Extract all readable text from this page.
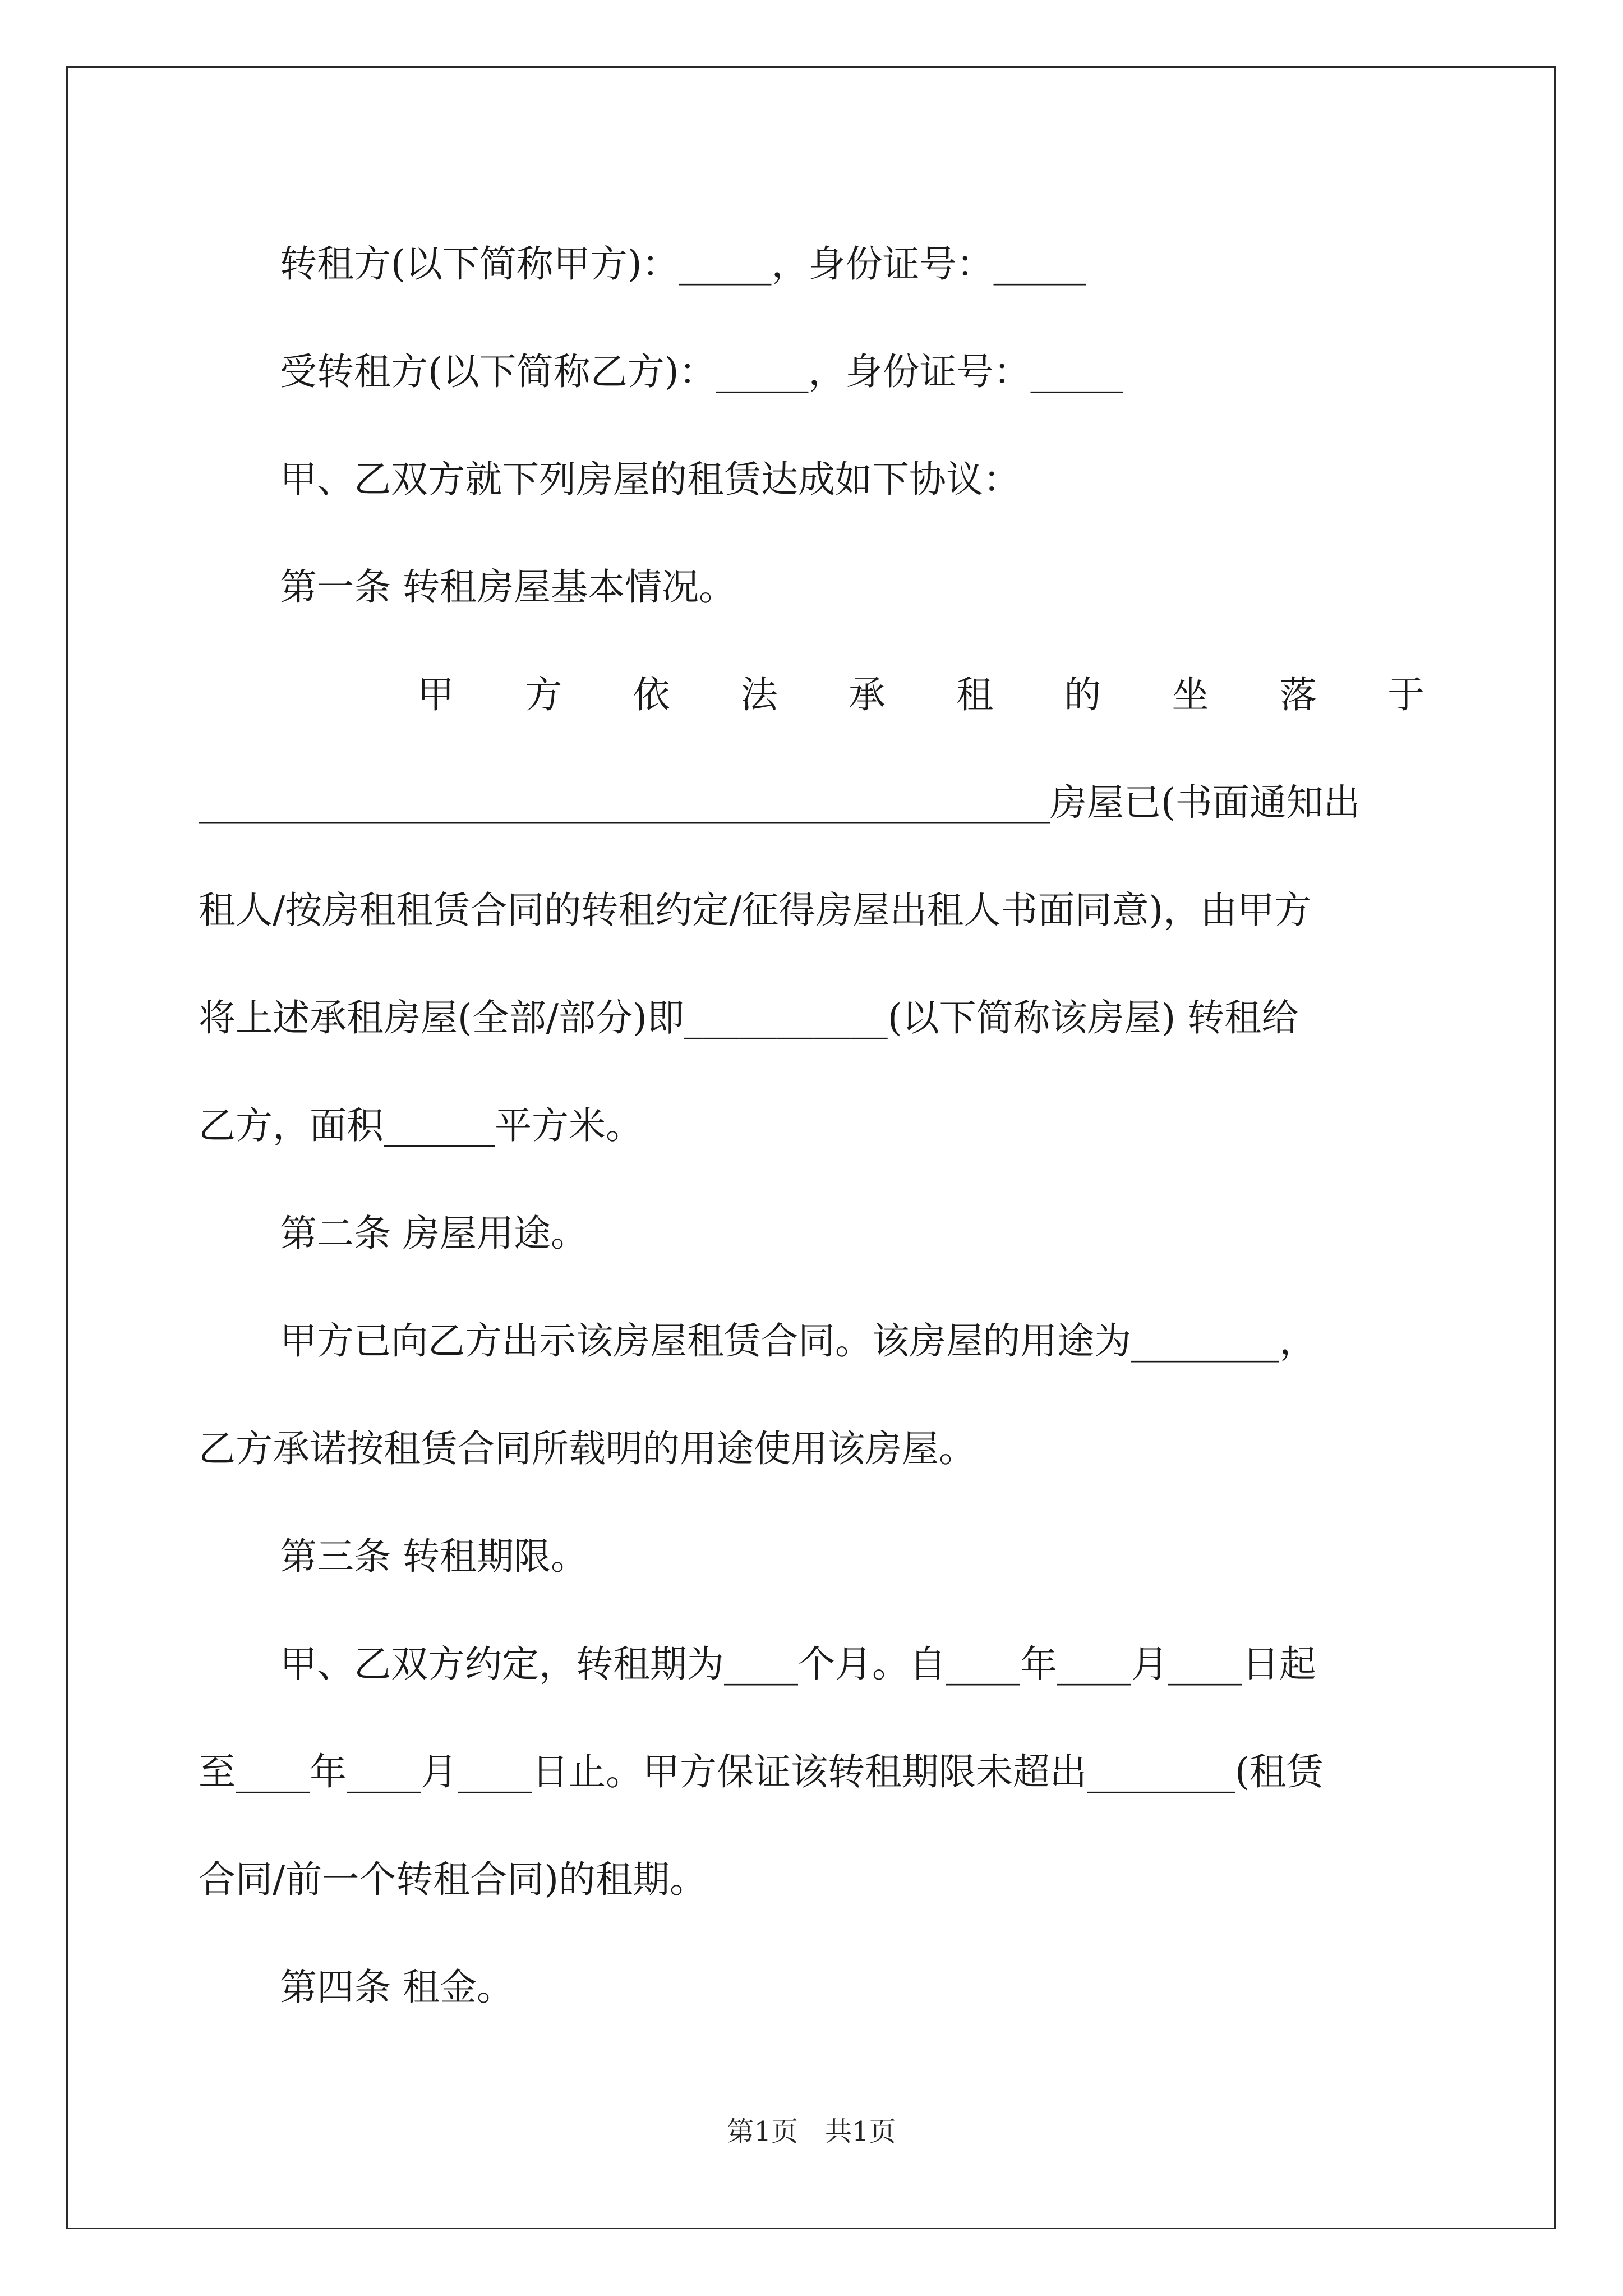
转租方(以下简称甲方)：_____，身份证号：_____

受转租方(以下简称乙方)：_____，身份证号：_____

甲、乙双方就下列房屋的租赁达成如下协议：

第一条 转租房屋基本情况。

甲 方 依 法 承 租 的 坐 落 于

______________________________________________房屋已(书面通知出

租人/按房租租赁合同的转租约定/征得房屋出租人书面同意)，由甲方

将上述承租房屋(全部/部分)即___________(以下简称该房屋) 转租给

乙方，面积______平方米。

第二条 房屋用途。

甲方已向乙方出示该房屋租赁合同。该房屋的用途为________，

乙方承诺按租赁合同所载明的用途使用该房屋。

第三条 转租期限。

甲、乙双方约定，转租期为____个月。自____年____月____日起

至____年____月____日止。甲方保证该转租期限未超出________(租赁

合同/前一个转租合同)的租期。

第四条 租金。

第1页　共1页
